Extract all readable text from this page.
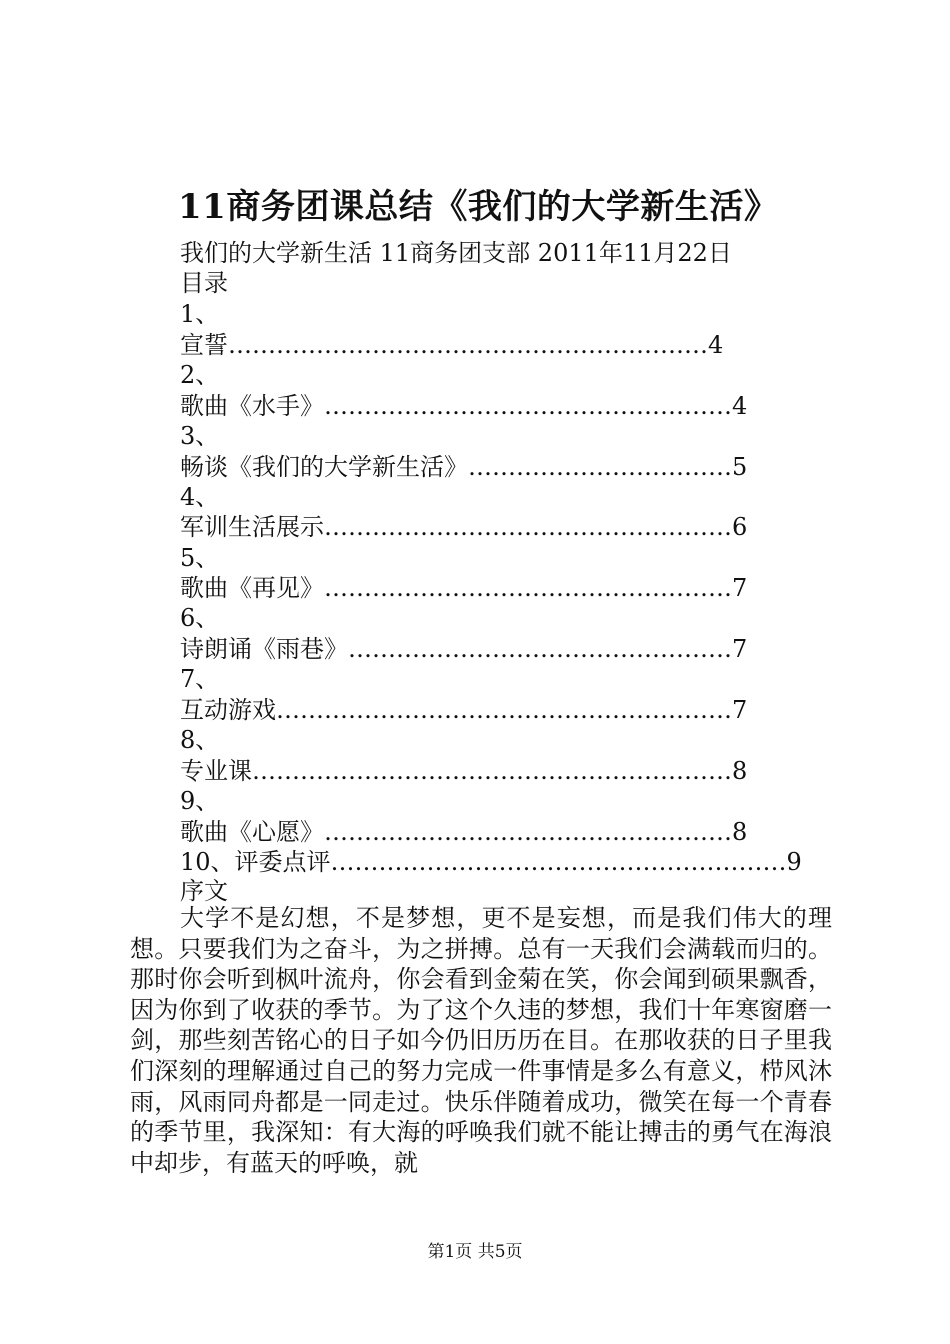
11商务团课总结《我们的大学新生活》
我们的大学新生活 11商务团支部 2011年11月22日
目录
1、
宣誓……………………………………………………4
2、
歌曲《水手》……………………………………………4
3、
畅谈《我们的大学新生活》……………………………5
4、
军训生活展示……………………………………………6
5、
歌曲《再见》……………………………………………7
6、
诗朗诵《雨巷》…………………………………………7
7、
互动游戏…………………………………………………7
8、
专业课……………………………………………………8
9、
歌曲《心愿》……………………………………………8
10、评委点评…………………………………………………9
序文
大学不是幻想，不是梦想，更不是妄想，而是我们伟大的理想。只要我们为之奋斗，为之拼搏。总有一天我们会满载而归的。那时你会听到枫叶流舟，你会看到金菊在笑，你会闻到硕果飘香，因为你到了收获的季节。为了这个久违的梦想，我们十年寒窗磨一剑，那些刻苦铭心的日子如今仍旧历历在目。在那收获的日子里我们深刻的理解通过自己的努力完成一件事情是多么有意义，栉风沐雨，风雨同舟都是一同走过。快乐伴随着成功，微笑在每一个青春的季节里，我深知：有大海的呼唤我们就不能让搏击的勇气在海浪中却步，有蓝天的呼唤，就
第1页 共5页
